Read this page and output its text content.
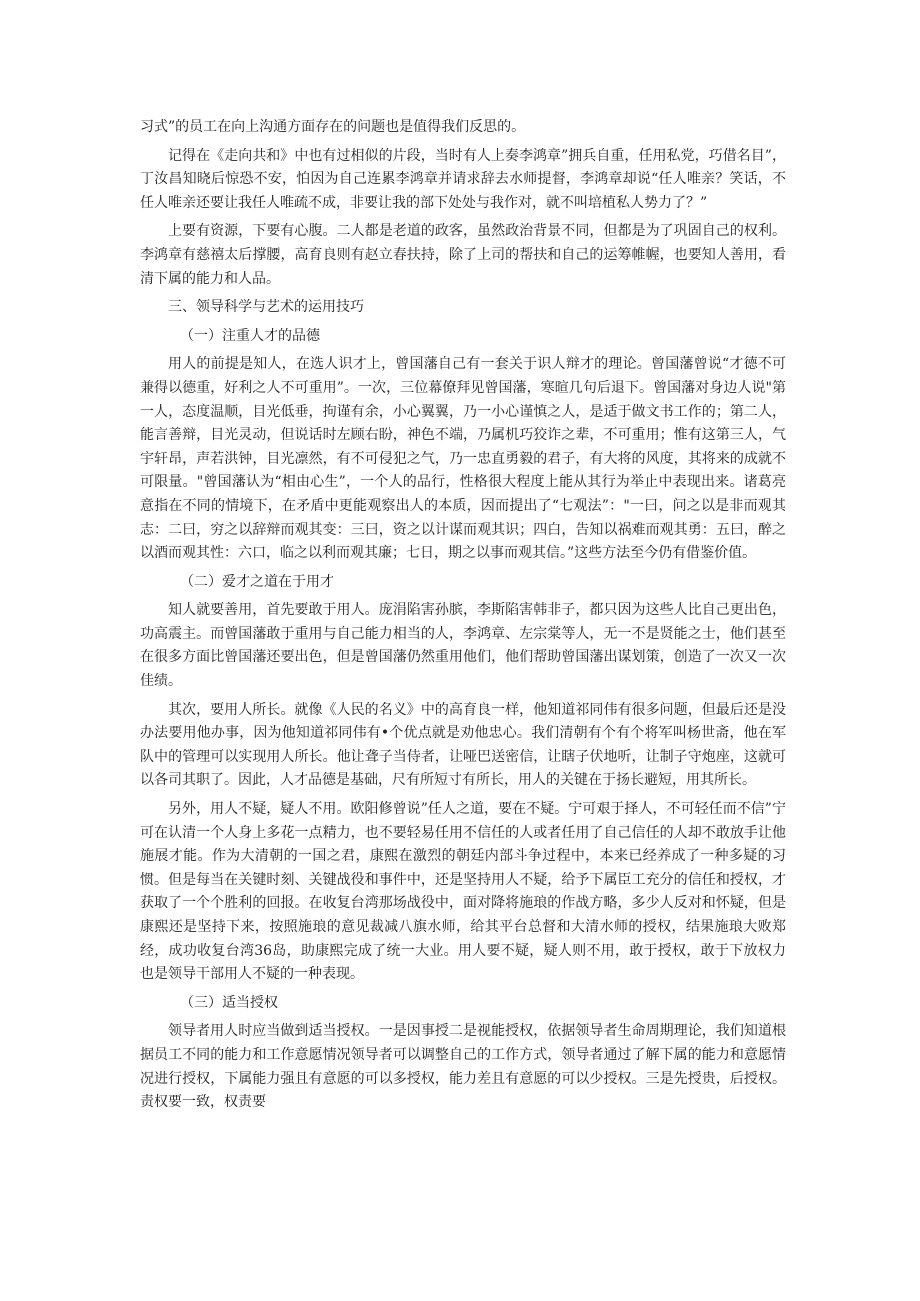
习式”的员工在向上沟通方面存在的问题也是值得我们反思的。

记得在《走向共和》中也有过相似的片段，当时有人上奏李鸿章”拥兵自重，任用私党，巧借名目”，丁汝昌知晓后惊恐不安，怕因为自己连累李鸿章并请求辞去水师提督，李鸿章却说“任人唯亲？笑话，不任人唯亲还要让我任人唯疏不成，非要让我的部下处处与我作对，就不叫培植私人势力了？”

上要有资源，下要有心腹。二人都是老道的政客，虽然政治背景不同，但都是为了巩固自己的权利。李鸿章有慈禧太后撑腰，高育良则有赵立春扶持，除了上司的帮扶和自己的运筹帷幄，也要知人善用，看清下属的能力和人品。

三、领导科学与艺术的运用技巧

（一）注重人才的品德

用人的前提是知人，在选人识才上，曾国藩自己有一套关于识人辩才的理论。曾国藩曾说“才德不可兼得以德重，好利之人不可重用”。一次，三位幕僚拜见曾国藩，寒暄几句后退下。曾国藩对身边人说"第一人，态度温顺，目光低垂，拘谨有余，小心翼翼，乃一小心谨慎之人，是适于做文书工作的；第二人，能言善辩，目光灵动，但说话时左顾右盼，神色不端，乃属机巧狡诈之辈，不可重用；惟有这第三人，气宇轩昂，声若洪钟，目光凛然，有不可侵犯之气，乃一忠直勇毅的君子，有大将的风度，其将来的成就不可限量。"曾国藩认为“相由心生”，一个人的品行，性格很大程度上能从其行为举止中表现出来。诸葛亮意指在不同的情境下，在矛盾中更能观察出人的本质，因而提出了“七观法”："一曰，问之以是非而观其志：二曰，穷之以辞辩而观其变：三曰，资之以计谋而观其识；四白，告知以祸难而观其勇：五曰，醉之以酒而观其性：六口，临之以利而观其廉；七日，期之以事而观其信。”这些方法至今仍有借鉴价值。

（二）爱才之道在于用才

知人就要善用，首先要敢于用人。庞涓陷害孙膑，李斯陷害韩非子，都只因为这些人比自己更出色，功高震主。而曾国藩敢于重用与自己能力相当的人，李鸿章、左宗棠等人，无一不是贤能之士，他们甚至在很多方面比曾国藩还要出色，但是曾国藩仍然重用他们，他们帮助曾国藩出谋划策，创造了一次又一次佳绩。

其次，要用人所长。就像《人民的名义》中的高育良一样，他知道祁同伟有很多问题，但最后还是没办法要用他办事，因为他知道祁同伟有•个优点就是劝他忠心。我们清朝有个有个将军叫杨世斋，他在军队中的管理可以实现用人所长。他让聋子当侍者，让哑巴送密信，让瞎子伏地听，让制子守炮座，这就可以各司其职了。因此，人才品德是基础，尺有所短寸有所长，用人的关键在于扬长避短，用其所长。

另外，用人不疑，疑人不用。欧阳修曾说”任人之道，要在不疑。宁可艰于择人，不可轻任而不信”宁可在认清一个人身上多花一点精力，也不要轻易任用不信任的人或者任用了自己信任的人却不敢放手让他施展才能。作为大清朝的一国之君，康熙在激烈的朝廷内部斗争过程中，本来已经养成了一种多疑的习惯。但是每当在关键时刻、关键战役和事件中，还是坚持用人不疑，给予下属臣工充分的信任和授权，才获取了一个个胜利的回报。在收复台湾那场战役中，面对降将施琅的作战方略，多少人反对和怀疑，但是康熙还是坚持下来，按照施琅的意见裁减八旗水师，给其平台总督和大清水师的授权，结果施琅大败郑经，成功收复台湾36岛，助康熙完成了统一大业。用人要不疑，疑人则不用，敢于授权，敢于下放权力也是领导干部用人不疑的一种表现。

（三）适当授权

领导者用人时应当做到适当授权。一是因事授二是视能授权，依据领导者生命周期理论，我们知道根据员工不同的能力和工作意愿情况领导者可以调整自己的工作方式，领导者通过了解下属的能力和意愿情况进行授权，下属能力强且有意愿的可以多授权，能力差且有意愿的可以少授权。三是先授贵，后授权。责权要一致，权责要
